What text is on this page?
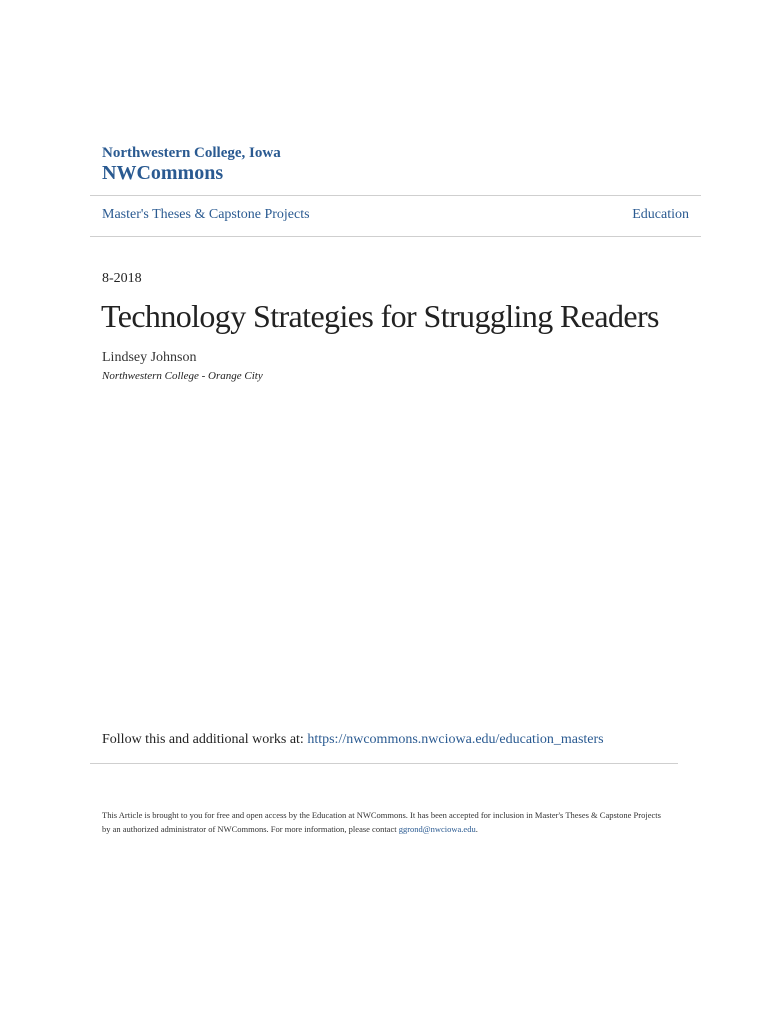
Northwestern College, Iowa
NWCommons
Master's Theses & Capstone Projects	Education
8-2018
Technology Strategies for Struggling Readers
Lindsey Johnson
Northwestern College - Orange City
Follow this and additional works at: https://nwcommons.nwciowa.edu/education_masters
This Article is brought to you for free and open access by the Education at NWCommons. It has been accepted for inclusion in Master's Theses & Capstone Projects by an authorized administrator of NWCommons. For more information, please contact ggrond@nwciowa.edu.
